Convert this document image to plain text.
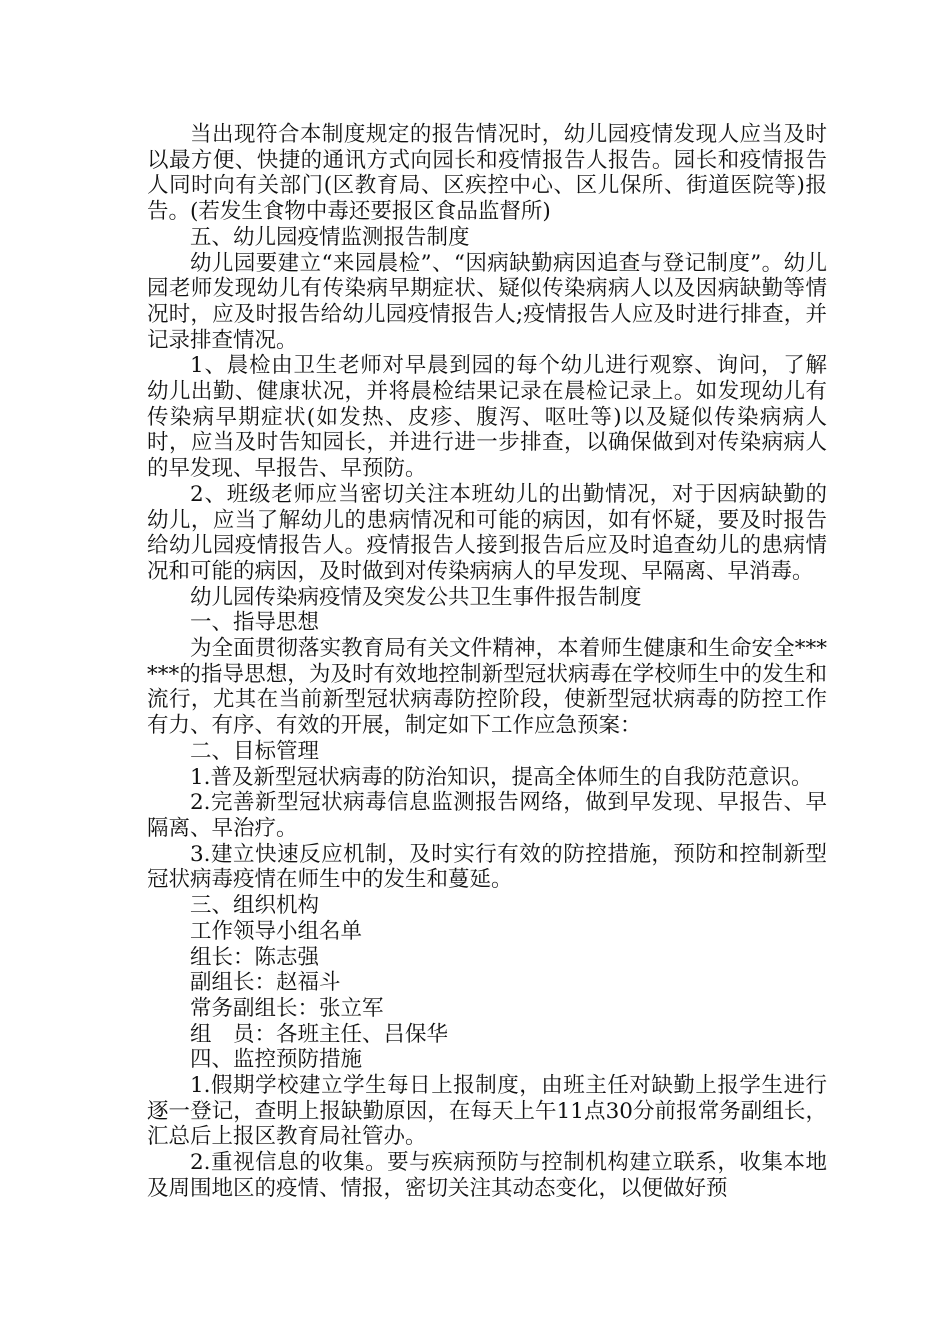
当出现符合本制度规定的报告情况时，幼儿园疫情发现人应当及时以最方便、快捷的通讯方式向园长和疫情报告人报告。园长和疫情报告人同时向有关部门(区教育局、区疾控中心、区儿保所、街道医院等)报告。(若发生食物中毒还要报区食品监督所)

五、幼儿园疫情监测报告制度

幼儿园要建立“来园晨检”、“因病缺勤病因追查与登记制度”。幼儿园老师发现幼儿有传染病早期症状、疑似传染病病人以及因病缺勤等情况时，应及时报告给幼儿园疫情报告人;疫情报告人应及时进行排查，并记录排查情况。

1、晨检由卫生老师对早晨到园的每个幼儿进行观察、询问，了解幼儿出勤、健康状况，并将晨检结果记录在晨检记录上。如发现幼儿有传染病早期症状(如发热、皮疹、腹泻、呕吐等)以及疑似传染病病人时，应当及时告知园长，并进行进一步排查，以确保做到对传染病病人的早发现、早报告、早预防。

2、班级老师应当密切关注本班幼儿的出勤情况，对于因病缺勤的幼儿，应当了解幼儿的患病情况和可能的病因，如有怀疑，要及时报告给幼儿园疫情报告人。疫情报告人接到报告后应及时追查幼儿的患病情况和可能的病因，及时做到对传染病病人的早发现、早隔离、早消毒。

幼儿园传染病疫情及突发公共卫生事件报告制度

一、指导思想

为全面贯彻落实教育局有关文件精神，本着师生健康和生命安全******的指导思想，为及时有效地控制新型冠状病毒在学校师生中的发生和流行，尤其在当前新型冠状病毒防控阶段，使新型冠状病毒的防控工作有力、有序、有效的开展，制定如下工作应急预案：

二、目标管理

1.普及新型冠状病毒的防治知识，提高全体师生的自我防范意识。

2.完善新型冠状病毒信息监测报告网络，做到早发现、早报告、早隔离、早治疗。

3.建立快速反应机制，及时实行有效的防控措施，预防和控制新型冠状病毒疫情在师生中的发生和蔓延。

三、组织机构

工作领导小组名单

组长：陈志强

副组长：赵福斗

常务副组长：张立军

组　员：各班主任、吕保华

四、监控预防措施

1.假期学校建立学生每日上报制度，由班主任对缺勤上报学生进行逐一登记，查明上报缺勤原因，在每天上午11点30分前报常务副组长，汇总后上报区教育局社管办。

2.重视信息的收集。要与疾病预防与控制机构建立联系，收集本地及周围地区的疫情、情报，密切关注其动态变化，以便做好预
